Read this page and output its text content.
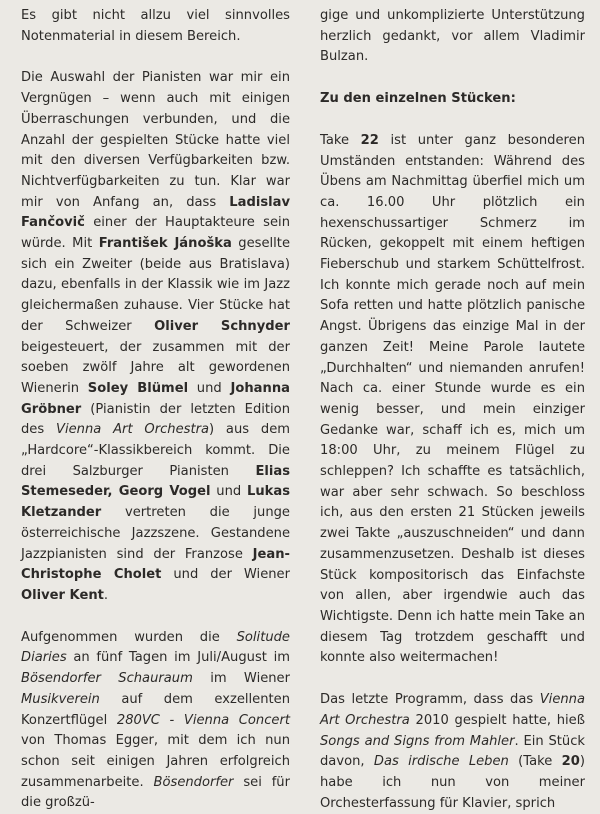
Es gibt nicht allzu viel sinnvolles Notenmaterial in diesem Bereich.

Die Auswahl der Pianisten war mir ein Vergnügen – wenn auch mit einigen Überraschungen verbunden, und die Anzahl der gespielten Stücke hatte viel mit den diversen Verfügbarkeiten bzw. Nichtverfügbarkeiten zu tun. Klar war mir von Anfang an, dass Ladislav Fančovič einer der Hauptakteure sein würde. Mit František Jánoška gesellte sich ein Zweiter (beide aus Bratislava) dazu, ebenfalls in der Klassik wie im Jazz gleichermaßen zuhause. Vier Stücke hat der Schweizer Oliver Schnyder beigesteuert, der zusammen mit der soeben zwölf Jahre alt gewordenen Wienerin Soley Blümel und Johanna Gröbner (Pianistin der letzten Edition des Vienna Art Orchestra) aus dem „Hardcore“-Klassikbereich kommt. Die drei Salzburger Pianisten Elias Stemeseder, Georg Vogel und Lukas Kletzander vertreten die junge österreichische Jazzszene. Gestandene Jazzpianisten sind der Franzose Jean-Christophe Cholet und der Wiener Oliver Kent.

Aufgenommen wurden die Solitude Diaries an fünf Tagen im Juli/August im Bösendorfer Schauraum im Wiener Musikverein auf dem exzellenten Konzertflügel 280VC - Vienna Concert von Thomas Egger, mit dem ich nun schon seit einigen Jahren erfolgreich zusammenarbeite. Bösendorfer sei für die großzü-

gige und unkomplizierte Unterstützung herzlich gedankt, vor allem Vladimir Bulzan.

Zu den einzelnen Stücken:

Take 22 ist unter ganz besonderen Umständen entstanden: Während des Übens am Nachmittag überfiel mich um ca. 16.00 Uhr plötzlich ein hexenschussartiger Schmerz im Rücken, gekoppelt mit einem heftigen Fieberschub und starkem Schüttelfrost. Ich konnte mich gerade noch auf mein Sofa retten und hatte plötzlich panische Angst. Übrigens das einzige Mal in der ganzen Zeit! Meine Parole lautete „Durchhalten“ und niemanden anrufen! Nach ca. einer Stunde wurde es ein wenig besser, und mein einziger Gedanke war, schaff ich es, mich um 18:00 Uhr, zu meinem Flügel zu schleppen? Ich schaffte es tatsächlich, war aber sehr schwach. So beschloss ich, aus den ersten 21 Stücken jeweils zwei Takte „auszuschneiden“ und dann zusammenzusetzen. Deshalb ist dieses Stück kompositorisch das Einfachste von allen, aber irgendwie auch das Wichtigste. Denn ich hatte mein Take an diesem Tag trotzdem geschafft und konnte also weitermachen!

Das letzte Programm, dass das Vienna Art Orchestra 2010 gespielt hatte, hieß Songs and Signs from Mahler. Ein Stück davon, Das irdische Leben (Take 20) habe ich nun von meiner Orchesterfassung für Klavier, sprich
